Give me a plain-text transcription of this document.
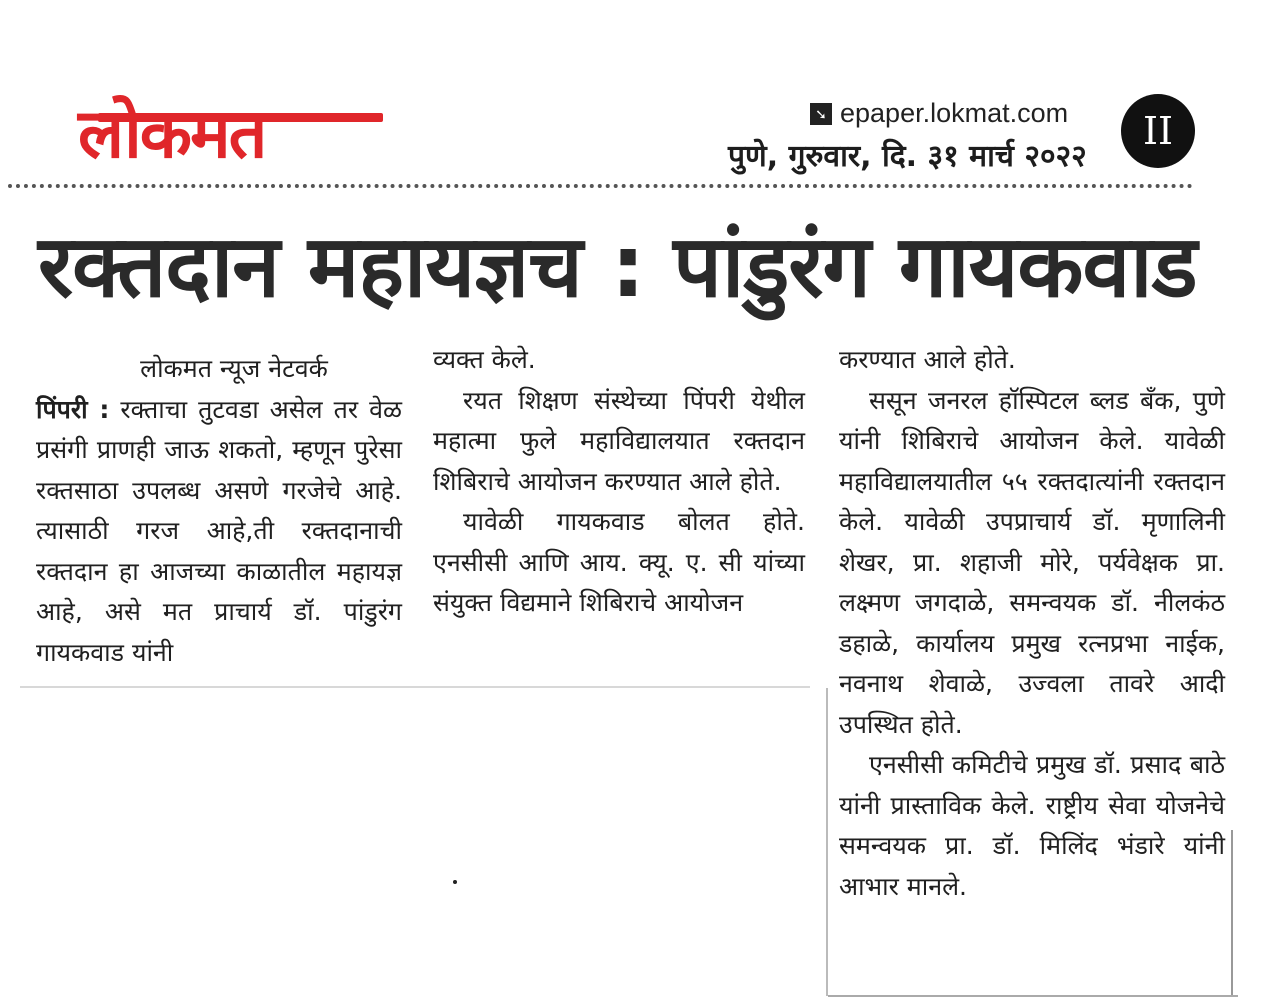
लोकमत	➘ epaper.lokmat.com
पुणे, गुरुवार, दि. ३१ मार्च २०२२
II
रक्तदान महायज्ञच : पांडुरंग गायकवाड

लोकमत न्यूज नेटवर्क

पिंपरी : रक्ताचा तुटवडा असेल तर वेळ प्रसंगी प्राणही जाऊ शकतो, म्हणून पुरेसा रक्तसाठा उपलब्ध असणे गरजेचे आहे. त्यासाठी गरज आहे,ती रक्तदानाची रक्तदान हा आजच्या काळातील महायज्ञ आहे, असे मत प्राचार्य डॉ. पांडुरंग गायकवाड यांनी

व्यक्त केले.

रयत शिक्षण संस्थेच्या पिंपरी येथील महात्मा फुले महाविद्यालयात रक्तदान शिबिराचे आयोजन करण्यात आले होते.

यावेळी गायकवाड बोलत होते. एनसीसी आणि आय. क्यू. ए. सी यांच्या संयुक्त विद्यमाने शिबिराचे आयोजन

करण्यात आले होते.

ससून जनरल हॉस्पिटल ब्लड बँक, पुणे यांनी शिबिराचे आयोजन केले. यावेळी महाविद्यालयातील ५५ रक्तदात्यांनी रक्तदान केले. यावेळी उपप्राचार्य डॉ. मृणालिनी शेखर, प्रा. शहाजी मोरे, पर्यवेक्षक प्रा. लक्ष्मण जगदाळे, समन्वयक डॉ. नीलकंठ डहाळे, कार्यालय प्रमुख रत्नप्रभा नाईक, नवनाथ शेवाळे, उज्वला तावरे आदी उपस्थित होते.

एनसीसी कमिटीचे प्रमुख डॉ. प्रसाद बाठे यांनी प्रास्ताविक केले. राष्ट्रीय सेवा योजनेचे समन्वयक प्रा. डॉ. मिलिंद भंडारे यांनी आभार मानले.
